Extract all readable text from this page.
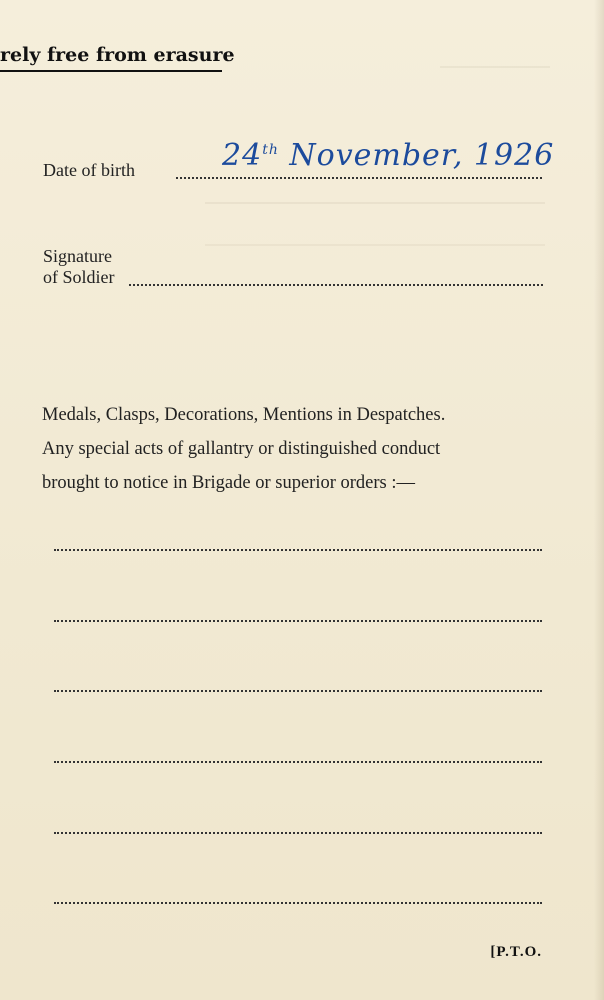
rely free from erasure
Date of birth	24th November, 1926
Signature
of Soldier
Medals, Clasps, Decorations, Mentions in Despatches.
Any special acts of gallantry or distinguished conduct
brought to notice in Brigade or superior orders :—
[P.T.O.
